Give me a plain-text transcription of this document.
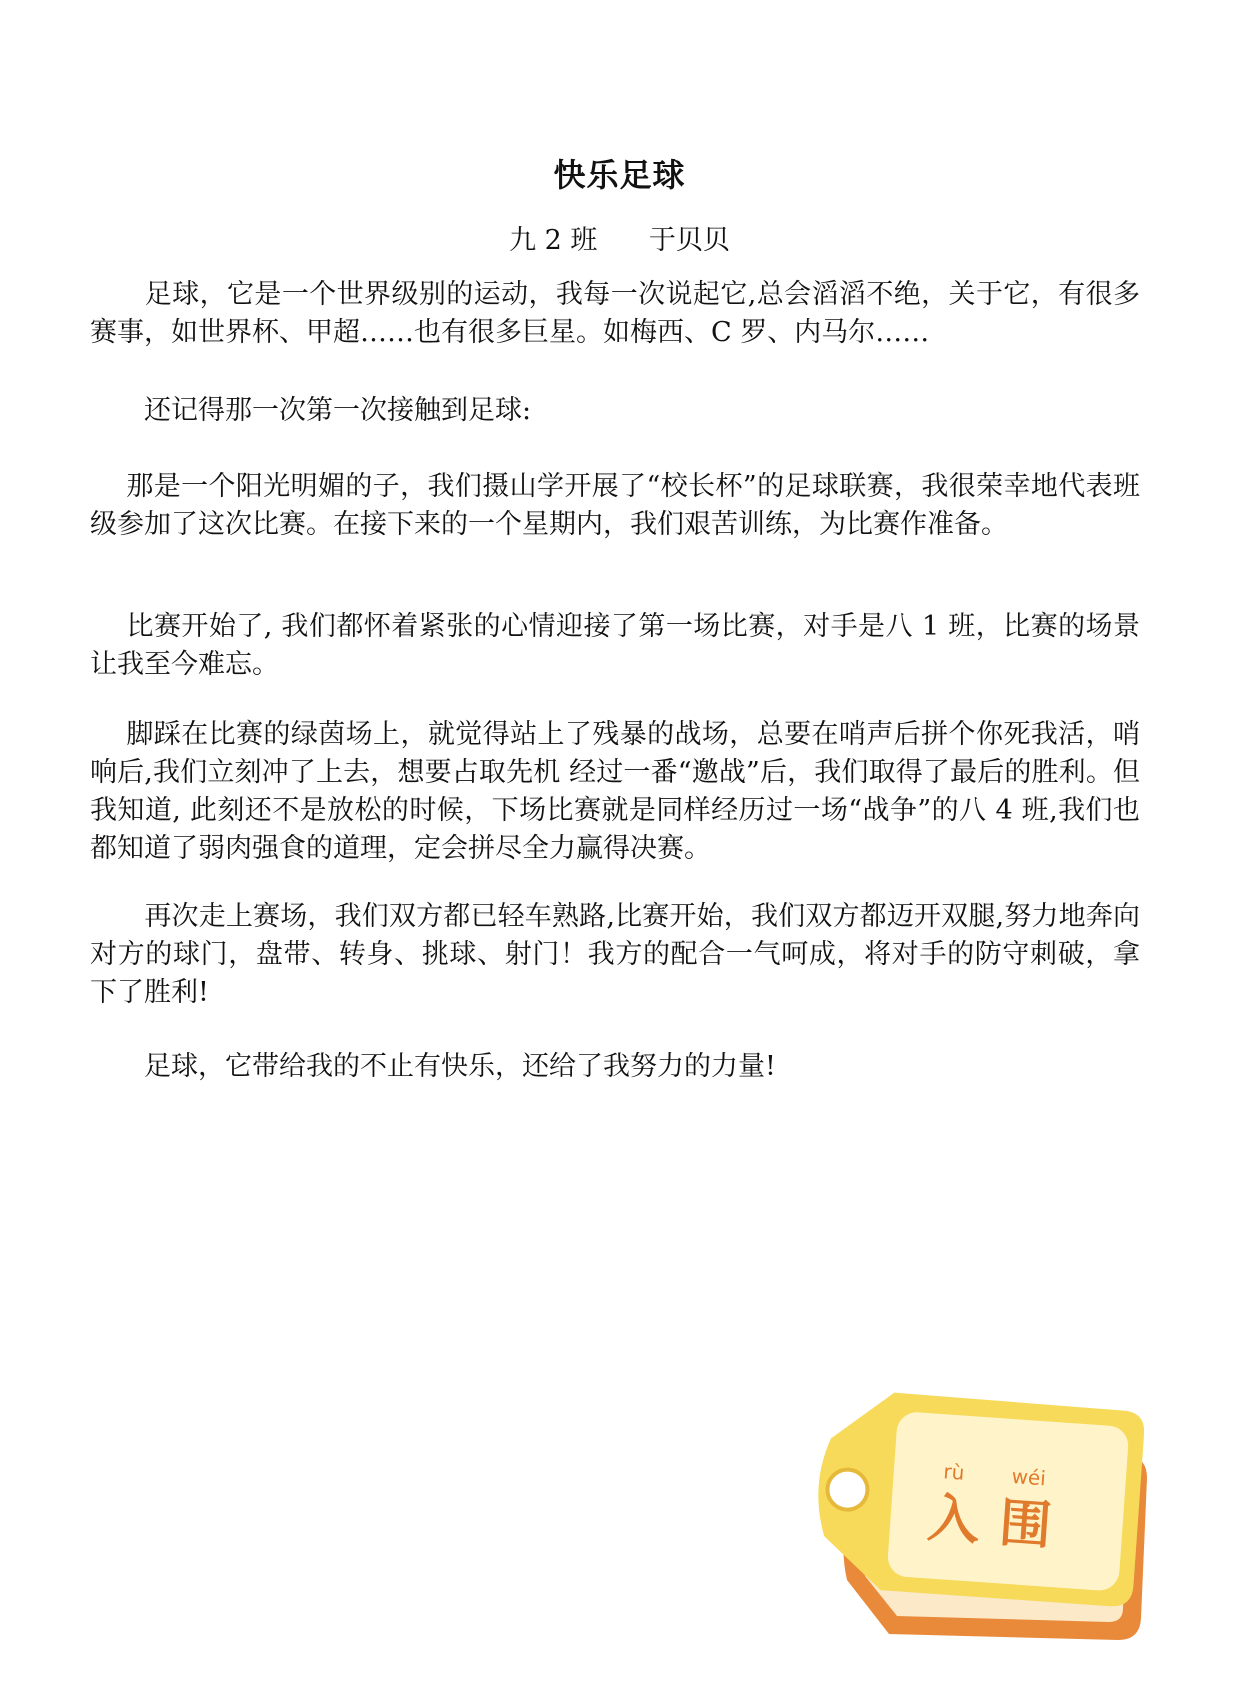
快乐足球
九 2 班      于贝贝

　　足球，它是一个世界级别的运动，我每一次说起它,总会滔滔不绝，关于它，有很多赛事，如世界杯、甲超……也有很多巨星。如梅西、C 罗、内马尔……

　　还记得那一次第一次接触到足球:

　 那是一个阳光明媚的子，我们摄山学开展了“校长杯”的足球联赛，我很荣幸地代表班级参加了这次比赛。在接下来的一个星期内，我们艰苦训练，为比赛作准备。

　 比赛开始了, 我们都怀着紧张的心情迎接了第一场比赛，对手是八 1 班，比赛的场景让我至今难忘。

　 脚踩在比赛的绿茵场上，就觉得站上了残暴的战场，总要在哨声后拼个你死我活，哨响后,我们立刻冲了上去，想要占取先机 经过一番“邀战”后，我们取得了最后的胜利。但我知道, 此刻还不是放松的时候，下场比赛就是同样经历过一场“战争”的八 4 班,我们也都知道了弱肉强食的道理，定会拼尽全力赢得决赛。

　　再次走上赛场，我们双方都已轻车熟路,比赛开始，我们双方都迈开双腿,努力地奔向对方的球门，盘带、转身、挑球、射门！我方的配合一气呵成，将对手的防守刺破，拿下了胜利!

　　足球，它带给我的不止有快乐，还给了我努力的力量!

rù wéi
入 围
